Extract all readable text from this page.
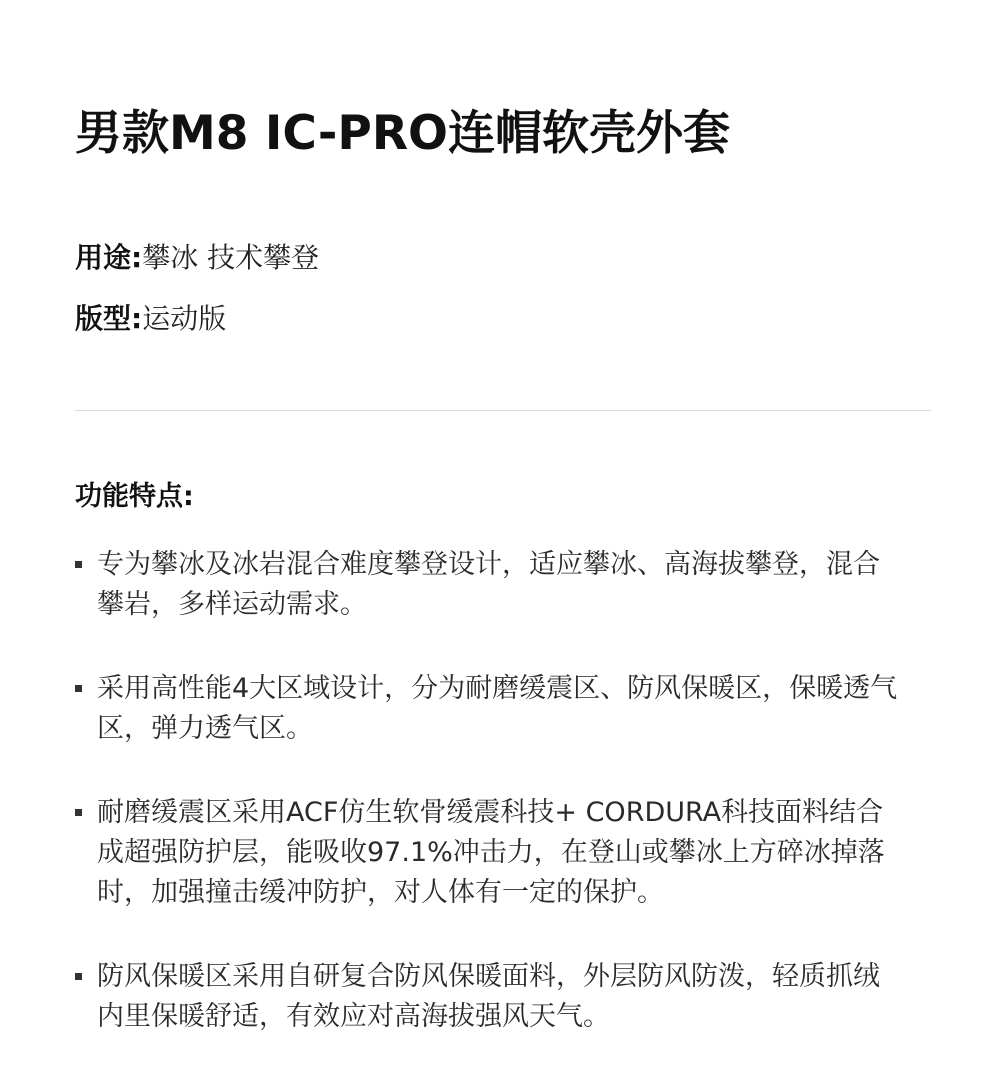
男款M8 IC-PRO连帽软壳外套
用途:攀冰 技术攀登
版型:运动版
功能特点:
专为攀冰及冰岩混合难度攀登设计，适应攀冰、高海拔攀登，混合攀岩，多样运动需求。
采用高性能4大区域设计，分为耐磨缓震区、防风保暖区，保暖透气区，弹力透气区。
耐磨缓震区采用ACF仿生软骨缓震科技+ CORDURA科技面料结合成超强防护层，能吸收97.1%冲击力，在登山或攀冰上方碎冰掉落时，加强撞击缓冲防护，对人体有一定的保护。
防风保暖区采用自研复合防风保暖面料，外层防风防泼，轻质抓绒内里保暖舒适，有效应对高海拔强风天气。
